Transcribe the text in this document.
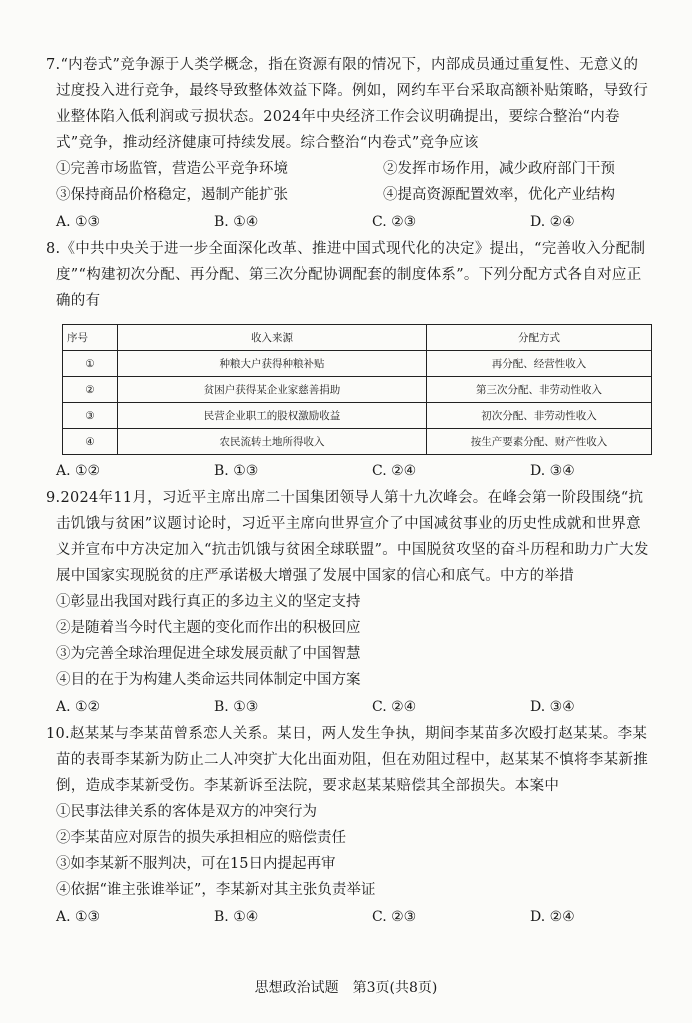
7.“内卷式”竞争源于人类学概念，指在资源有限的情况下，内部成员通过重复性、无意义的过度投入进行竞争，最终导致整体效益下降。例如，网约车平台采取高额补贴策略，导致行业整体陷入低利润或亏损状态。2024年中央经济工作会议明确提出，要综合整治“内卷式”竞争，推动经济健康可持续发展。综合整治“内卷式”竞争应该
①完善市场监管，营造公平竞争环境	②发挥市场作用，减少政府部门干预
③保持商品价格稳定，遏制产能扩张	④提高资源配置效率，优化产业结构
A. ①③	B. ①④	C. ②③	D. ②④
8.《中共中央关于进一步全面深化改革、推进中国式现代化的决定》提出，“完善收入分配制度”“构建初次分配、再分配、第三次分配协调配套的制度体系”。下列分配方式各自对应正确的有
序号	收入来源	分配方式
①	种粮大户获得种粮补贴	再分配、经营性收入
②	贫困户获得某企业家慈善捐助	第三次分配、非劳动性收入
③	民营企业职工的股权激励收益	初次分配、非劳动性收入
④	农民流转土地所得收入	按生产要素分配、财产性收入
A. ①②	B. ①③	C. ②④	D. ③④
9.2024年11月，习近平主席出席二十国集团领导人第十九次峰会。在峰会第一阶段围绕“抗击饥饿与贫困”议题讨论时，习近平主席向世界宣介了中国减贫事业的历史性成就和世界意义并宣布中方决定加入“抗击饥饿与贫困全球联盟”。中国脱贫攻坚的奋斗历程和助力广大发展中国家实现脱贫的庄严承诺极大增强了发展中国家的信心和底气。中方的举措
①彰显出我国对践行真正的多边主义的坚定支持
②是随着当今时代主题的变化而作出的积极回应
③为完善全球治理促进全球发展贡献了中国智慧
④目的在于为构建人类命运共同体制定中国方案
A. ①②	B. ①③	C. ②④	D. ③④
10.赵某某与李某苗曾系恋人关系。某日，两人发生争执，期间李某苗多次殴打赵某某。李某苗的表哥李某新为防止二人冲突扩大化出面劝阻，但在劝阻过程中，赵某某不慎将李某新推倒，造成李某新受伤。李某新诉至法院，要求赵某某赔偿其全部损失。本案中
①民事法律关系的客体是双方的冲突行为
②李某苗应对原告的损失承担相应的赔偿责任
③如李某新不服判决，可在15日内提起再审
④依据“谁主张谁举证”，李某新对其主张负责举证
A. ①③	B. ①④	C. ②③	D. ②④
思想政治试题　第3页(共8页)
